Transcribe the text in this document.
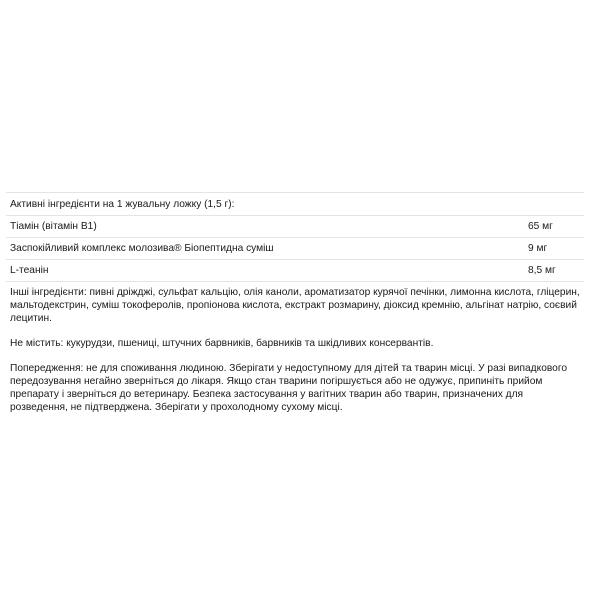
Активні інгредієнти на 1 жувальну ложку (1,5 г):	
Тіамін (вітамін B1)	65 мг
Заспокійливий комплекс молозива® Біопептидна суміш	9 мг
L-теанін	8,5 мг

Інші інгредієнти: пивні дріжджі, сульфат кальцію, олія каноли, ароматизатор курячої печінки, лимонна кислота, гліцерин, мальтодекстрин, суміш токоферолів, пропіонова кислота, екстракт розмарину, діоксид кремнію, альгінат натрію, соєвий лецитин.

Не містить: кукурудзи, пшениці, штучних барвників, барвників та шкідливих консервантів.

Попередження: не для споживання людиною. Зберігати у недоступному для дітей та тварин місці. У разі випадкового передозування негайно зверніться до лікаря. Якщо стан тварини погіршується або не одужує, припиніть прийом препарату і зверніться до ветеринару. Безпека застосування у вагітних тварин або тварин, призначених для розведення, не підтверджена. Зберігати у прохолодному сухому місці.
